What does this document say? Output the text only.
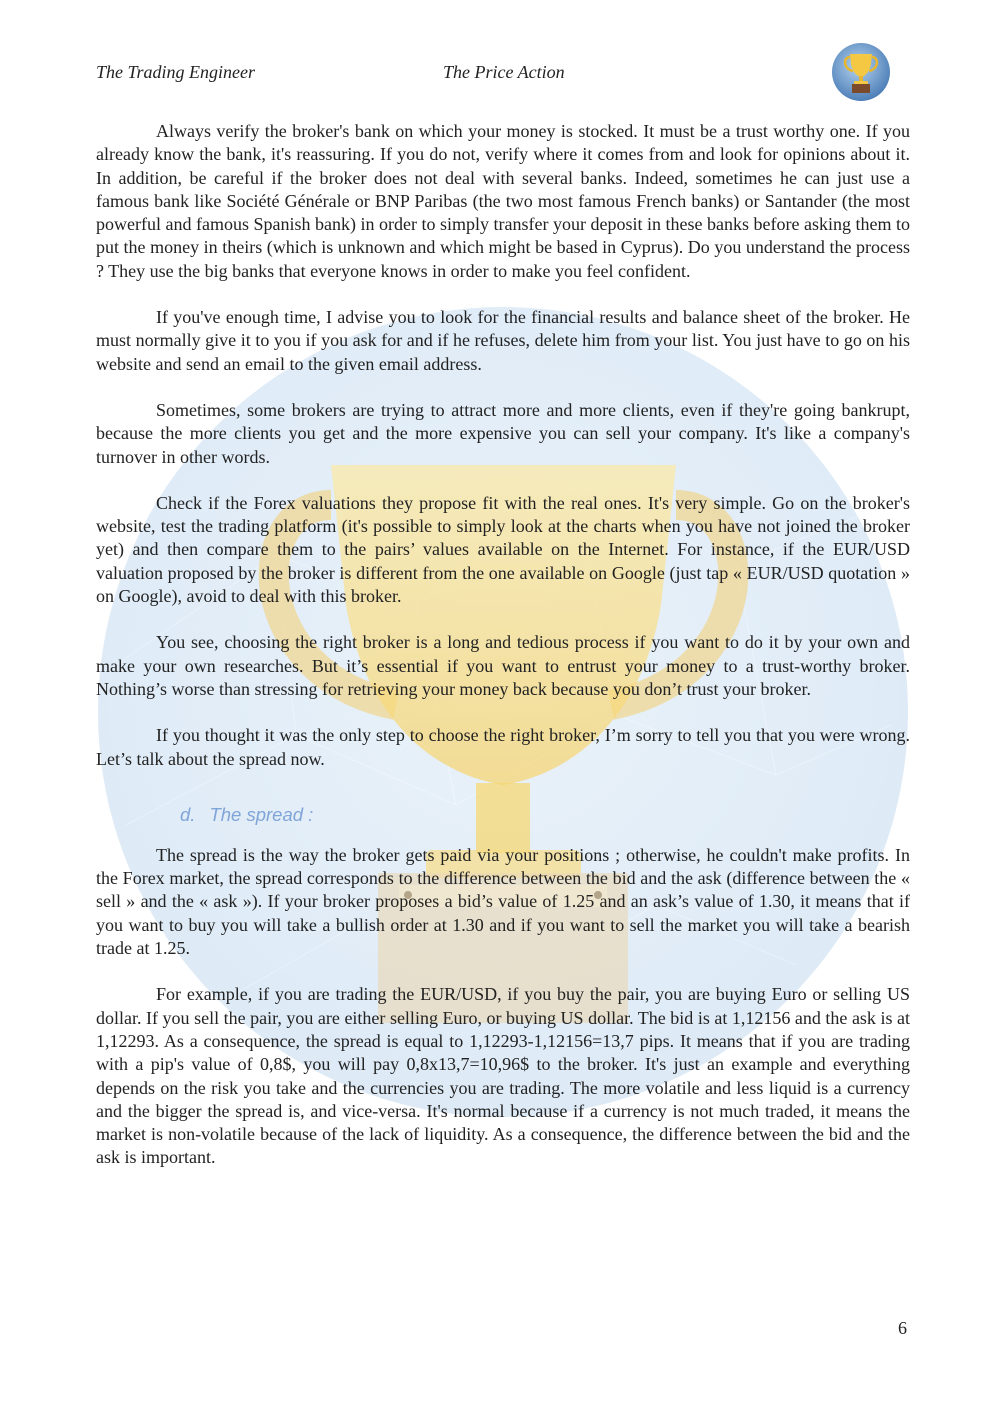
The Trading Engineer	The Price Action

Always verify the broker's bank on which your money is stocked. It must be a trust worthy one. If you already know the bank, it's reassuring. If you do not, verify where it comes from and look for opinions about it. In addition, be careful if the broker does not deal with several banks. Indeed, sometimes he can just use a famous bank like Société Générale or BNP Paribas (the two most famous French banks) or Santander (the most powerful and famous Spanish bank) in order to simply transfer your deposit in these banks before asking them to put the money in theirs (which is unknown and which might be based in Cyprus). Do you understand the process ? They use the big banks that everyone knows in order to make you feel confident.

If you've enough time, I advise you to look for the financial results and balance sheet of the broker. He must normally give it to you if you ask for and if he refuses, delete him from your list. You just have to go on his website and send an email to the given email address.

Sometimes, some brokers are trying to attract more and more clients, even if they're going bankrupt, because the more clients you get and the more expensive you can sell your company. It's like a company's turnover in other words.

Check if the Forex valuations they propose fit with the real ones. It's very simple. Go on the broker's website, test the trading platform (it's possible to simply look at the charts when you have not joined the broker yet) and then compare them to the pairs’ values available on the Internet. For instance, if the EUR/USD valuation proposed by the broker is different from the one available on Google (just tap « EUR/USD quotation » on Google), avoid to deal with this broker.

You see, choosing the right broker is a long and tedious process if you want to do it by your own and make your own researches. But it’s essential if you want to entrust your money to a trust-worthy broker. Nothing’s worse than stressing for retrieving your money back because you don’t trust your broker.

If you thought it was the only step to choose the right broker, I’m sorry to tell you that you were wrong. Let’s talk about the spread now.

d. The spread :

The spread is the way the broker gets paid via your positions ; otherwise, he couldn't make profits. In the Forex market, the spread corresponds to the difference between the bid and the ask (difference between the « sell » and the « ask »). If your broker proposes a bid’s value of 1.25 and an ask’s value of 1.30, it means that if you want to buy you will take a bullish order at 1.30 and if you want to sell the market you will take a bearish trade at 1.25.

For example, if you are trading the EUR/USD, if you buy the pair, you are buying Euro or selling US dollar. If you sell the pair, you are either selling Euro, or buying US dollar. The bid is at 1,12156 and the ask is at 1,12293. As a consequence, the spread is equal to 1,12293-1,12156=13,7 pips. It means that if you are trading with a pip's value of 0,8$, you will pay 0,8x13,7=10,96$ to the broker. It's just an example and everything depends on the risk you take and the currencies you are trading. The more volatile and less liquid is a currency and the bigger the spread is, and vice-versa. It's normal because if a currency is not much traded, it means the market is non-volatile because of the lack of liquidity. As a consequence, the difference between the bid and the ask is important.

6
